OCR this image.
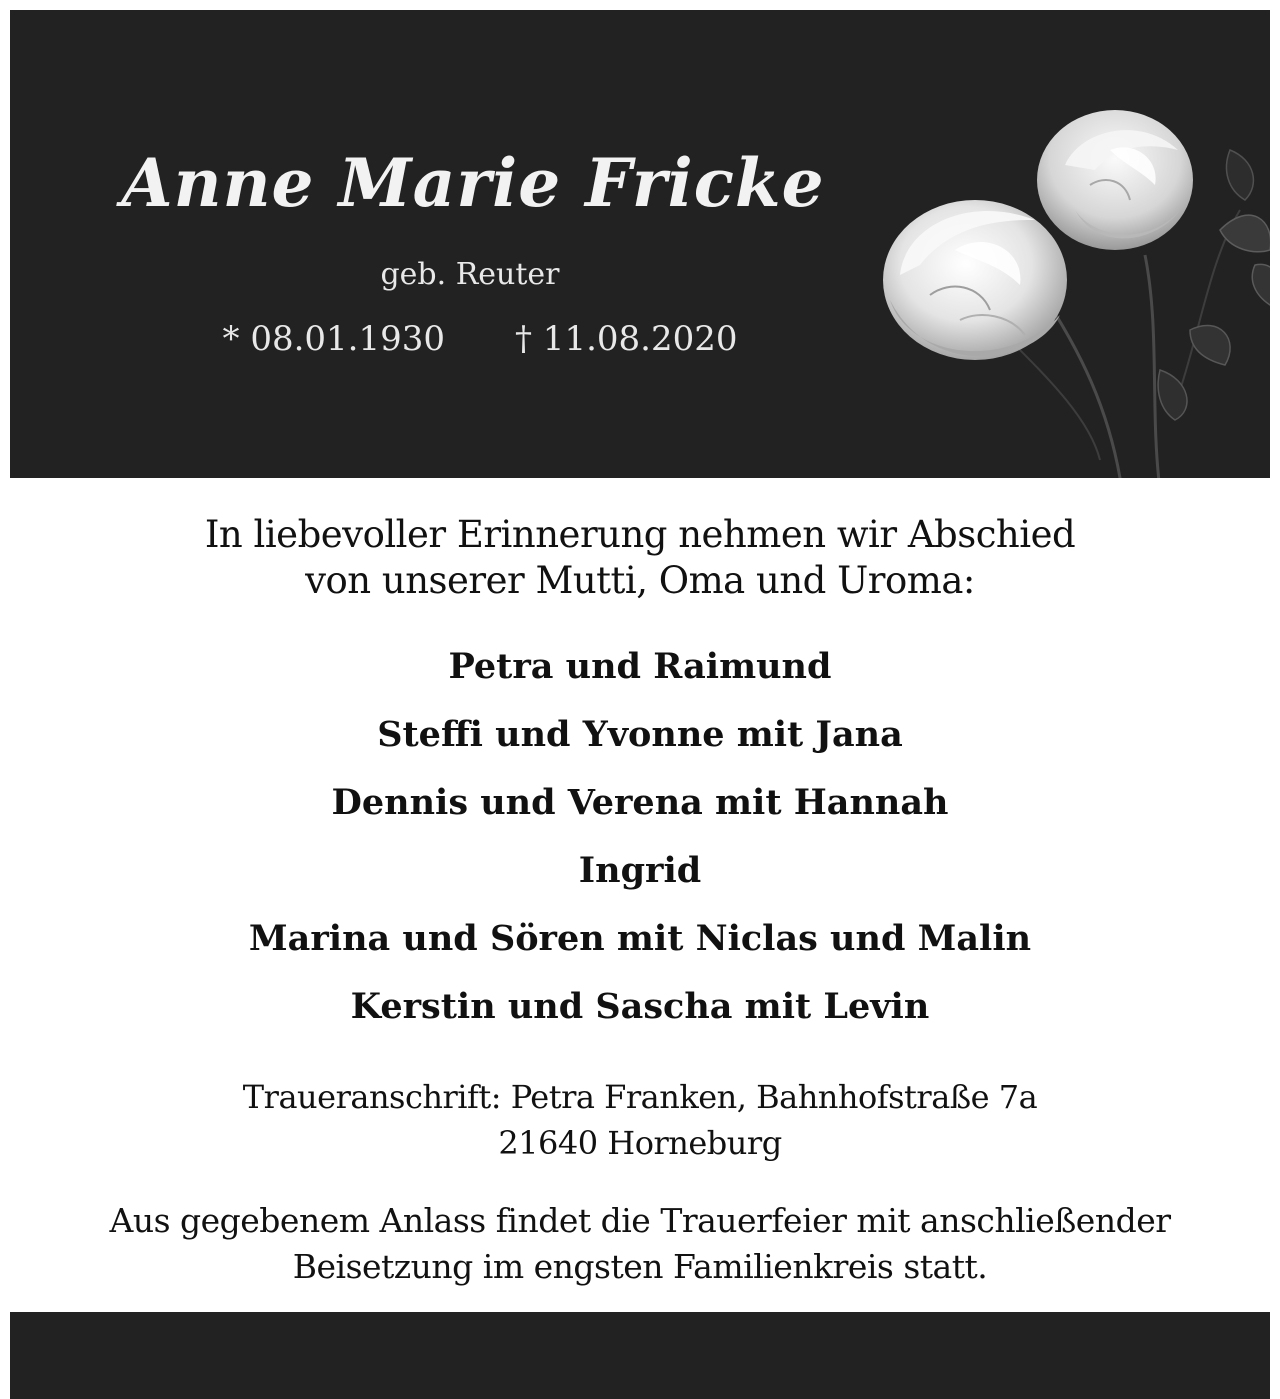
Anne Marie Fricke
geb. Reuter
* 08.01.1930 † 11.08.2020
In liebevoller Erinnerung nehmen wir Abschied
von unserer Mutti, Oma und Uroma:
Petra und Raimund
Steffi und Yvonne mit Jana
Dennis und Verena mit Hannah
Ingrid
Marina und Sören mit Niclas und Malin
Kerstin und Sascha mit Levin
Traueranschrift: Petra Franken, Bahnhofstraße 7a
21640 Horneburg
Aus gegebenem Anlass findet die Trauerfeier mit anschließender
Beisetzung im engsten Familienkreis statt.
